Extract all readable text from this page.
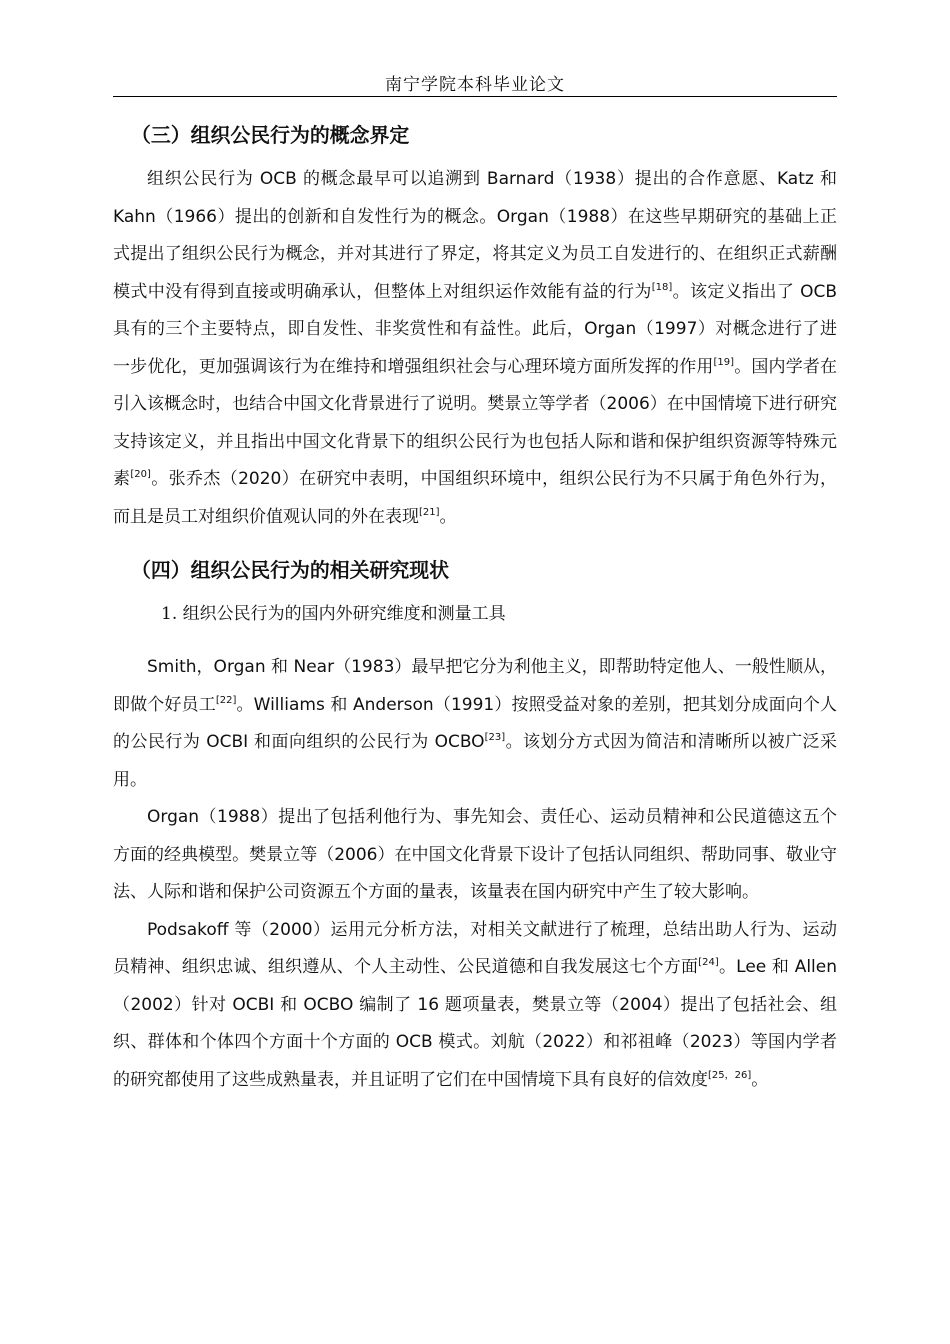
南宁学院本科毕业论文
（三）组织公民行为的概念界定

组织公民行为 OCB 的概念最早可以追溯到 Barnard（1938）提出的合作意愿、Katz 和 Kahn（1966）提出的创新和自发性行为的概念。Organ（1988）在这些早期研究的基础上正式提出了组织公民行为概念，并对其进行了界定，将其定义为员工自发进行的、在组织正式薪酬模式中没有得到直接或明确承认，但整体上对组织运作效能有益的行为[18]。该定义指出了 OCB 具有的三个主要特点，即自发性、非奖赏性和有益性。此后，Organ（1997）对概念进行了进一步优化，更加强调该行为在维持和增强组织社会与心理环境方面所发挥的作用[19]。国内学者在引入该概念时，也结合中国文化背景进行了说明。樊景立等学者（2006）在中国情境下进行研究支持该定义，并且指出中国文化背景下的组织公民行为也包括人际和谐和保护组织资源等特殊元素[20]。张乔杰（2020）在研究中表明，中国组织环境中，组织公民行为不只属于角色外行为，而且是员工对组织价值观认同的外在表现[21]。

（四）组织公民行为的相关研究现状

1. 组织公民行为的国内外研究维度和测量工具

Smith，Organ 和 Near（1983）最早把它分为利他主义，即帮助特定他人、一般性顺从，即做个好员工[22]。Williams 和 Anderson（1991）按照受益对象的差别，把其划分成面向个人的公民行为 OCBI 和面向组织的公民行为 OCBO[23]。该划分方式因为简洁和清晰所以被广泛采用。

Organ（1988）提出了包括利他行为、事先知会、责任心、运动员精神和公民道德这五个方面的经典模型。樊景立等（2006）在中国文化背景下设计了包括认同组织、帮助同事、敬业守法、人际和谐和保护公司资源五个方面的量表，该量表在国内研究中产生了较大影响。

Podsakoff 等（2000）运用元分析方法，对相关文献进行了梳理，总结出助人行为、运动员精神、组织忠诚、组织遵从、个人主动性、公民道德和自我发展这七个方面[24]。Lee 和 Allen（2002）针对 OCBI 和 OCBO 编制了 16 题项量表，樊景立等（2004）提出了包括社会、组织、群体和个体四个方面十个方面的 OCB 模式。刘航（2022）和祁祖峰（2023）等国内学者的研究都使用了这些成熟量表，并且证明了它们在中国情境下具有良好的信效度[25，26]。
